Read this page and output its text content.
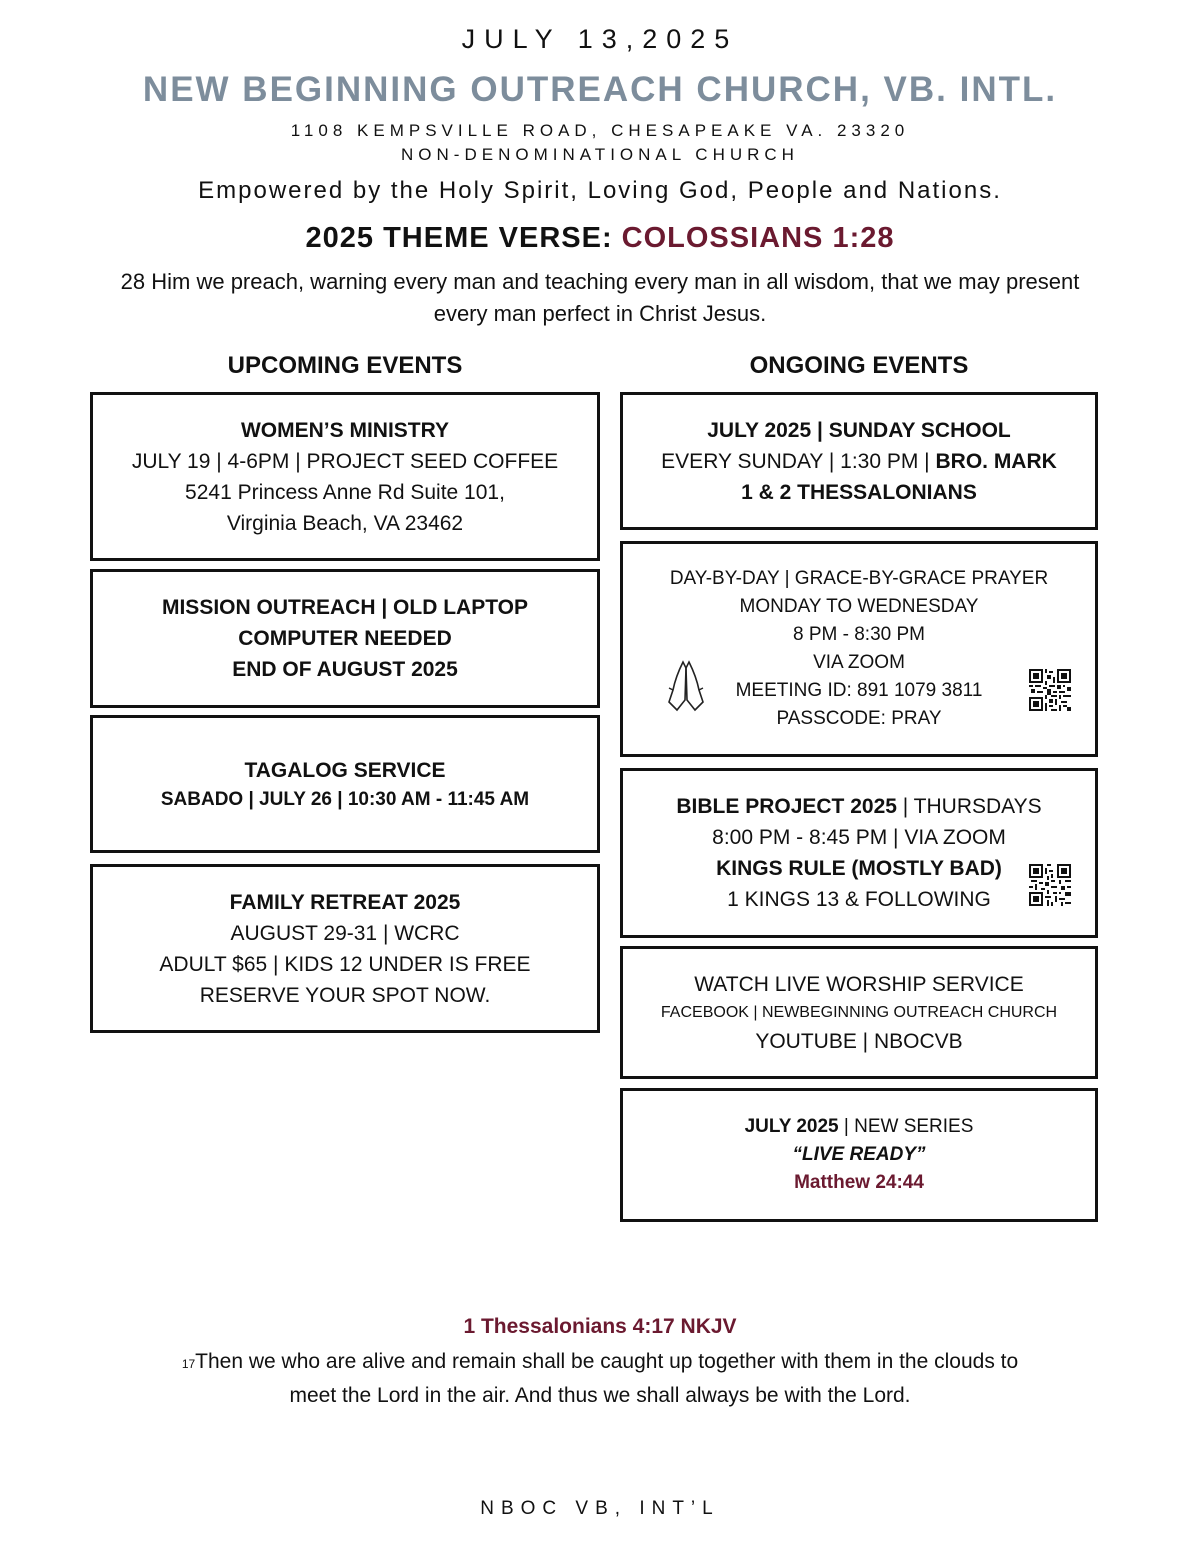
JULY 13,2025
NEW BEGINNING OUTREACH CHURCH, VB. INTL.
1108 KEMPSVILLE ROAD, CHESAPEAKE VA. 23320
NON-DENOMINATIONAL CHURCH
Empowered by the Holy Spirit, Loving God, People and Nations.
2025 THEME VERSE: COLOSSIANS 1:28
28 Him we preach, warning every man and teaching every man in all wisdom, that we may present every man perfect in Christ Jesus.
UPCOMING EVENTS	ONGOING EVENTS
WOMEN’S MINISTRY
JULY 19 | 4-6PM | PROJECT SEED COFFEE
5241 Princess Anne Rd Suite 101,
Virginia Beach, VA 23462
MISSION OUTREACH | OLD LAPTOP
COMPUTER NEEDED
END OF AUGUST 2025
TAGALOG SERVICE
SABADO | JULY 26 | 10:30 AM - 11:45 AM
FAMILY RETREAT 2025
AUGUST 29-31 | WCRC
ADULT $65 | KIDS 12 UNDER IS FREE
RESERVE YOUR SPOT NOW.
JULY 2025 | SUNDAY SCHOOL
EVERY SUNDAY | 1:30 PM | BRO. MARK
1 & 2 THESSALONIANS
DAY-BY-DAY | GRACE-BY-GRACE PRAYER
MONDAY TO WEDNESDAY
8 PM - 8:30 PM
VIA ZOOM
MEETING ID: 891 1079 3811
PASSCODE: PRAY
BIBLE PROJECT 2025 | THURSDAYS
8:00 PM - 8:45 PM | VIA ZOOM
KINGS RULE (MOSTLY BAD)
1 KINGS 13 & FOLLOWING
WATCH LIVE WORSHIP SERVICE
FACEBOOK | NEWBEGINNING OUTREACH CHURCH
YOUTUBE | NBOCVB
JULY 2025 | NEW SERIES
“LIVE READY”
Matthew 24:44
1 Thessalonians 4:17 NKJV
17Then we who are alive and remain shall be caught up together with them in the clouds to meet the Lord in the air. And thus we shall always be with the Lord.
NBOC VB, INT’L
